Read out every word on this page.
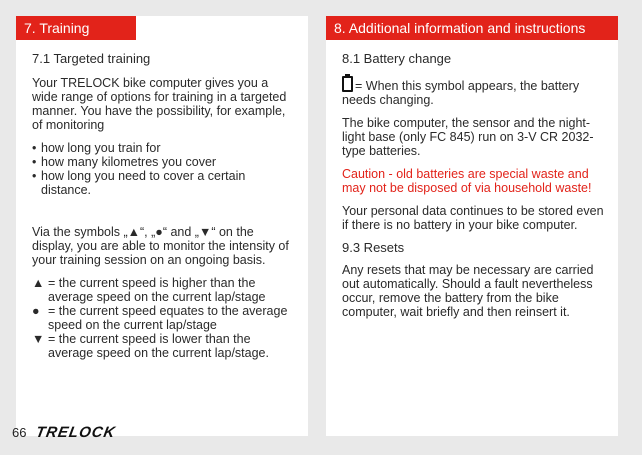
7. Training
7.1 Targeted training

Your TRELOCK bike computer gives you a wide range of options for training in a targeted manner. You have the possibility, for example, of monitoring

• how long you train for
• how many kilometres you cover
• how long you need to cover a certain distance.

Via the symbols „▲“, „●“ and „▼“ on the display, you are able to monitor the intensity of your training session on an ongoing basis.

▲ = the current speed is higher than the average speed on the current lap/stage
● = the current speed equates to the average speed on the current lap/stage
▼ = the current speed is lower than the average speed on the current lap/stage.
8. Additional information and instructions
8.1 Battery change

= When this symbol appears, the battery needs changing.

The bike computer, the sensor and the night-light base (only FC 845) run on 3-V CR 2032-type batteries.

Caution - old batteries are special waste and may not be disposed of via household waste!

Your personal data continues to be stored even if there is no battery in your bike computer.

9.3 Resets

Any resets that may be necessary are carried out automatically. Should a fault nevertheless occur, remove the battery from the bike computer, wait briefly and then reinsert it.

66 TRELOCK
